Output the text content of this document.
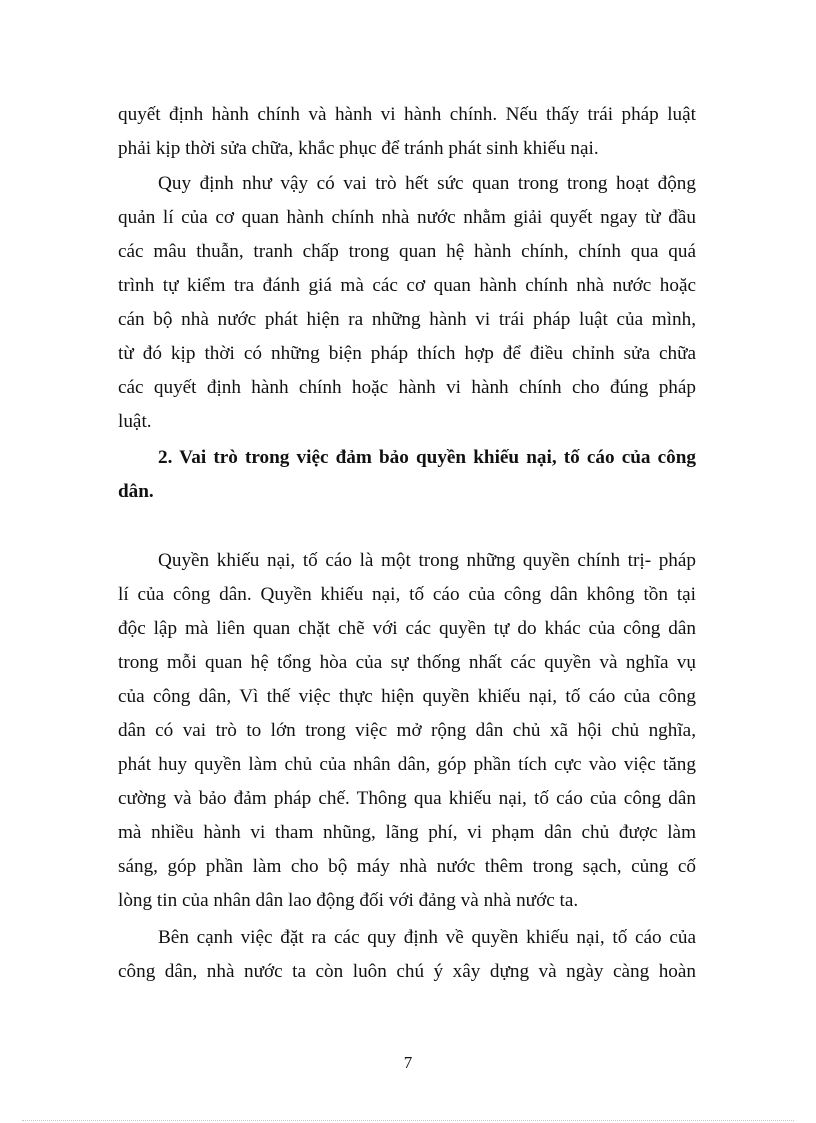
quyết định hành chính và hành vi hành chính. Nếu thấy trái pháp luật
phải kịp thời sửa chữa, khắc phục để tránh phát sinh khiếu nại.
Quy định như vậy có vai trò hết sức quan trong trong hoạt động
quản lí của cơ quan hành chính nhà nước nhằm giải quyết ngay từ đầu
các mâu thuẫn, tranh chấp trong quan hệ hành chính, chính qua quá
trình tự kiểm tra đánh giá mà các cơ quan hành chính nhà nước hoặc
cán bộ nhà nước phát hiện ra những hành vi trái pháp luật của mình,
từ đó kịp thời có những biện pháp thích hợp để điều chỉnh sửa chữa
các quyết định hành chính hoặc hành vi hành chính cho đúng pháp
luật.
2. Vai trò trong việc đảm bảo quyền khiếu nại, tố cáo của công
dân.
Quyền khiếu nại, tố cáo là một trong những quyền chính trị- pháp
lí của công dân. Quyền khiếu nại, tố cáo của công dân không tồn tại
độc lập mà liên quan chặt chẽ với các quyền tự do khác của công dân
trong mỗi quan hệ tổng hòa của sự thống nhất các quyền và nghĩa vụ
của công dân, Vì thế việc thực hiện quyền khiếu nại, tố cáo của công
dân có vai trò to lớn trong việc mở rộng dân chủ xã hội chủ nghĩa,
phát huy quyền làm chủ của nhân dân, góp phần tích cực vào việc tăng
cường và bảo đảm pháp chế. Thông qua khiếu nại, tố cáo của công dân
mà nhiều hành vi tham nhũng, lãng phí, vi phạm dân chủ được làm
sáng, góp phần làm cho bộ máy nhà nước thêm trong sạch, củng cố
lòng tin của nhân dân lao động đối với đảng và nhà nước ta.
Bên cạnh việc đặt ra các quy định về quyền khiếu nại, tố cáo của
công dân, nhà nước ta còn luôn chú ý xây dựng và ngày càng hoàn
7
